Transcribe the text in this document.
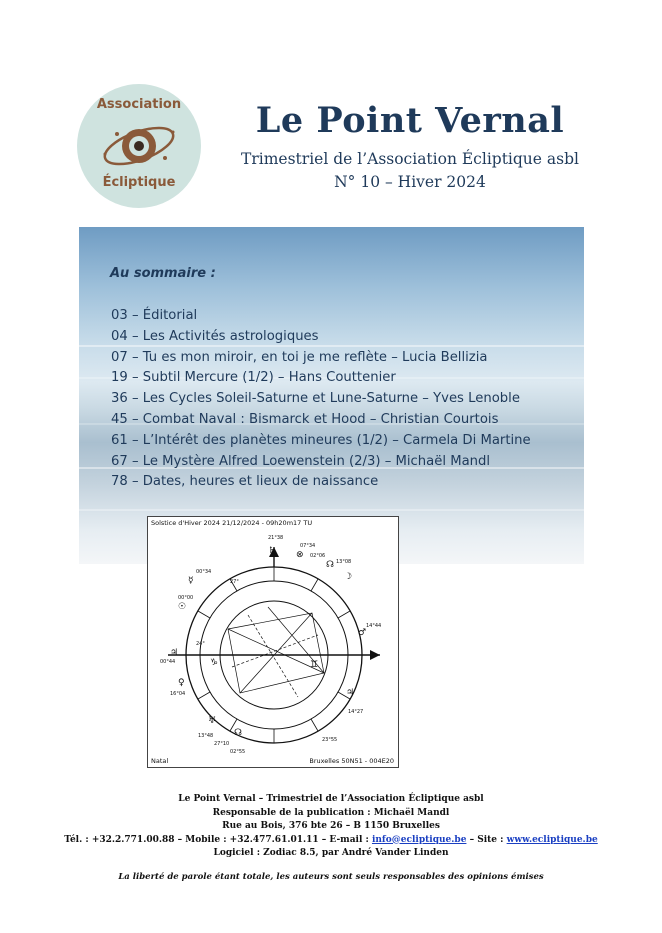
Association
Écliptique
Le Point Vernal
Trimestriel de l’Association Écliptique asbl
N° 10 – Hiver 2024
Au sommaire :
03 – Éditorial
04 – Les Activités astrologiques
07 – Tu es mon miroir, en toi je me reflète – Lucia Bellizia
19 – Subtil Mercure (1/2) – Hans Couttenier
36 – Les Cycles Soleil-Saturne et Lune-Saturne – Yves Lenoble
45 – Combat Naval : Bismarck et Hood – Christian Courtois
61 – L’Intérêt des planètes mineures (1/2) – Carmela Di Martine
67 – Le Mystère Alfred Loewenstein (2/3) – Michaël Mandl
78 – Dates, heures et lieux de naissance
♄ ⊗
☊
☽
☿
☉
♂
♃
♀
♅
☊
♃
♊
♑
21°38
07°34
02°06
13°08
00°34
27°
00°00
14°44
24°
00°44
16°04
13°48
27°10
02°55
14°27
23°55
Solstice d'Hiver 2024 21/12/2024 - 09h20m17 TU
Natal	Bruxelles 50N51 - 004E20
Le Point Vernal – Trimestriel de l’Association Écliptique asbl
Responsable de la publication : Michaël Mandl
Rue au Bois, 376 bte 26 – B 1150 Bruxelles
Tél. : +32.2.771.00.88 – Mobile : +32.477.61.01.11 – E-mail : info@ecliptique.be – Site : www.ecliptique.be
Logiciel : Zodiac 8.5, par André Vander Linden
La liberté de parole étant totale, les auteurs sont seuls responsables des opinions émises
